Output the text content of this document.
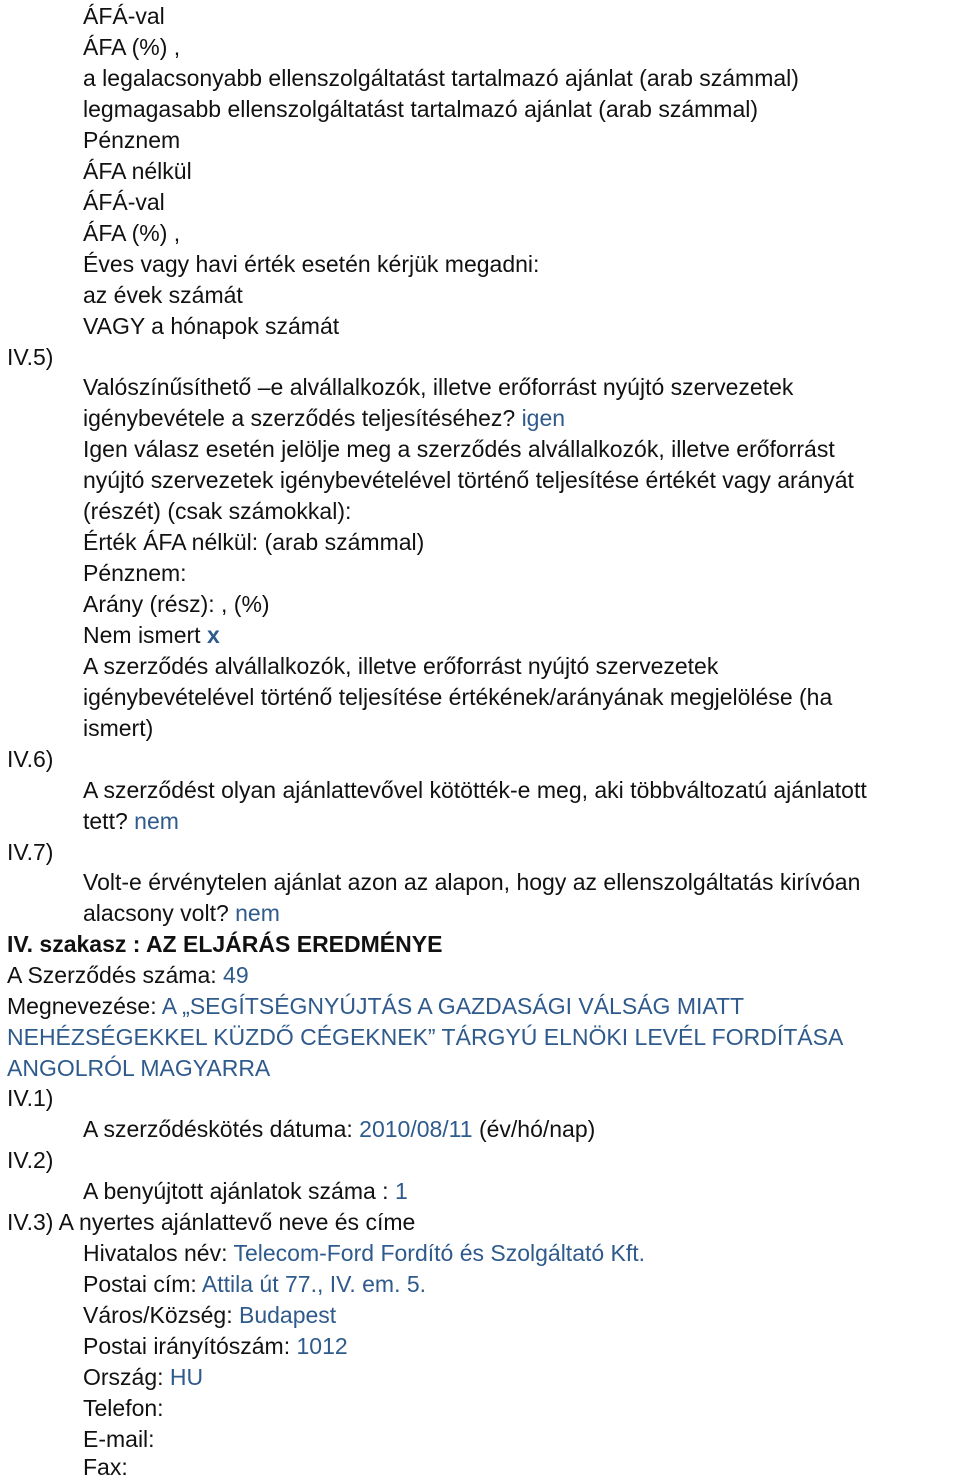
ÁFÁ-val
ÁFA (%) ,
a legalacsonyabb ellenszolgáltatást tartalmazó ajánlat (arab számmal)
legmagasabb ellenszolgáltatást tartalmazó ajánlat (arab számmal)
Pénznem
ÁFA nélkül
ÁFÁ-val
ÁFA (%) ,
Éves vagy havi érték esetén kérjük megadni:
az évek számát
VAGY a hónapok számát
IV.5)
Valószínűsíthető –e alvállalkozók, illetve erőforrást nyújtó szervezetek
igénybevétele a szerződés teljesítéséhez? igen
Igen válasz esetén jelölje meg a szerződés alvállalkozók, illetve erőforrást
nyújtó szervezetek igénybevételével történő teljesítése értékét vagy arányát
(részét) (csak számokkal):
Érték ÁFA nélkül: (arab számmal)
Pénznem:
Arány (rész): , (%)
Nem ismert x
A szerződés alvállalkozók, illetve erőforrást nyújtó szervezetek
igénybevételével történő teljesítése értékének/arányának megjelölése (ha
ismert)
IV.6)
A szerződést olyan ajánlattevővel kötötték-e meg, aki többváltozatú ajánlatott
tett? nem
IV.7)
Volt-e érvénytelen ajánlat azon az alapon, hogy az ellenszolgáltatás kirívóan
alacsony volt? nem
IV. szakasz : AZ ELJÁRÁS EREDMÉNYE
A Szerződés száma: 49
Megnevezése: A „SEGÍTSÉGNYÚJTÁS A GAZDASÁGI VÁLSÁG MIATT
NEHÉZSÉGEKKEL KÜZDŐ CÉGEKNEK” TÁRGYÚ ELNÖKI LEVÉL FORDÍTÁSA
ANGOLRÓL MAGYARRA
IV.1)
A szerződéskötés dátuma: 2010/08/11 (év/hó/nap)
IV.2)
A benyújtott ajánlatok száma : 1
IV.3) A nyertes ajánlattevő neve és címe
Hivatalos név: Telecom-Ford Fordító és Szolgáltató Kft.
Postai cím: Attila út 77., IV. em. 5.
Város/Község: Budapest
Postai irányítószám: 1012
Ország: HU
Telefon:
E-mail:
Fax:
